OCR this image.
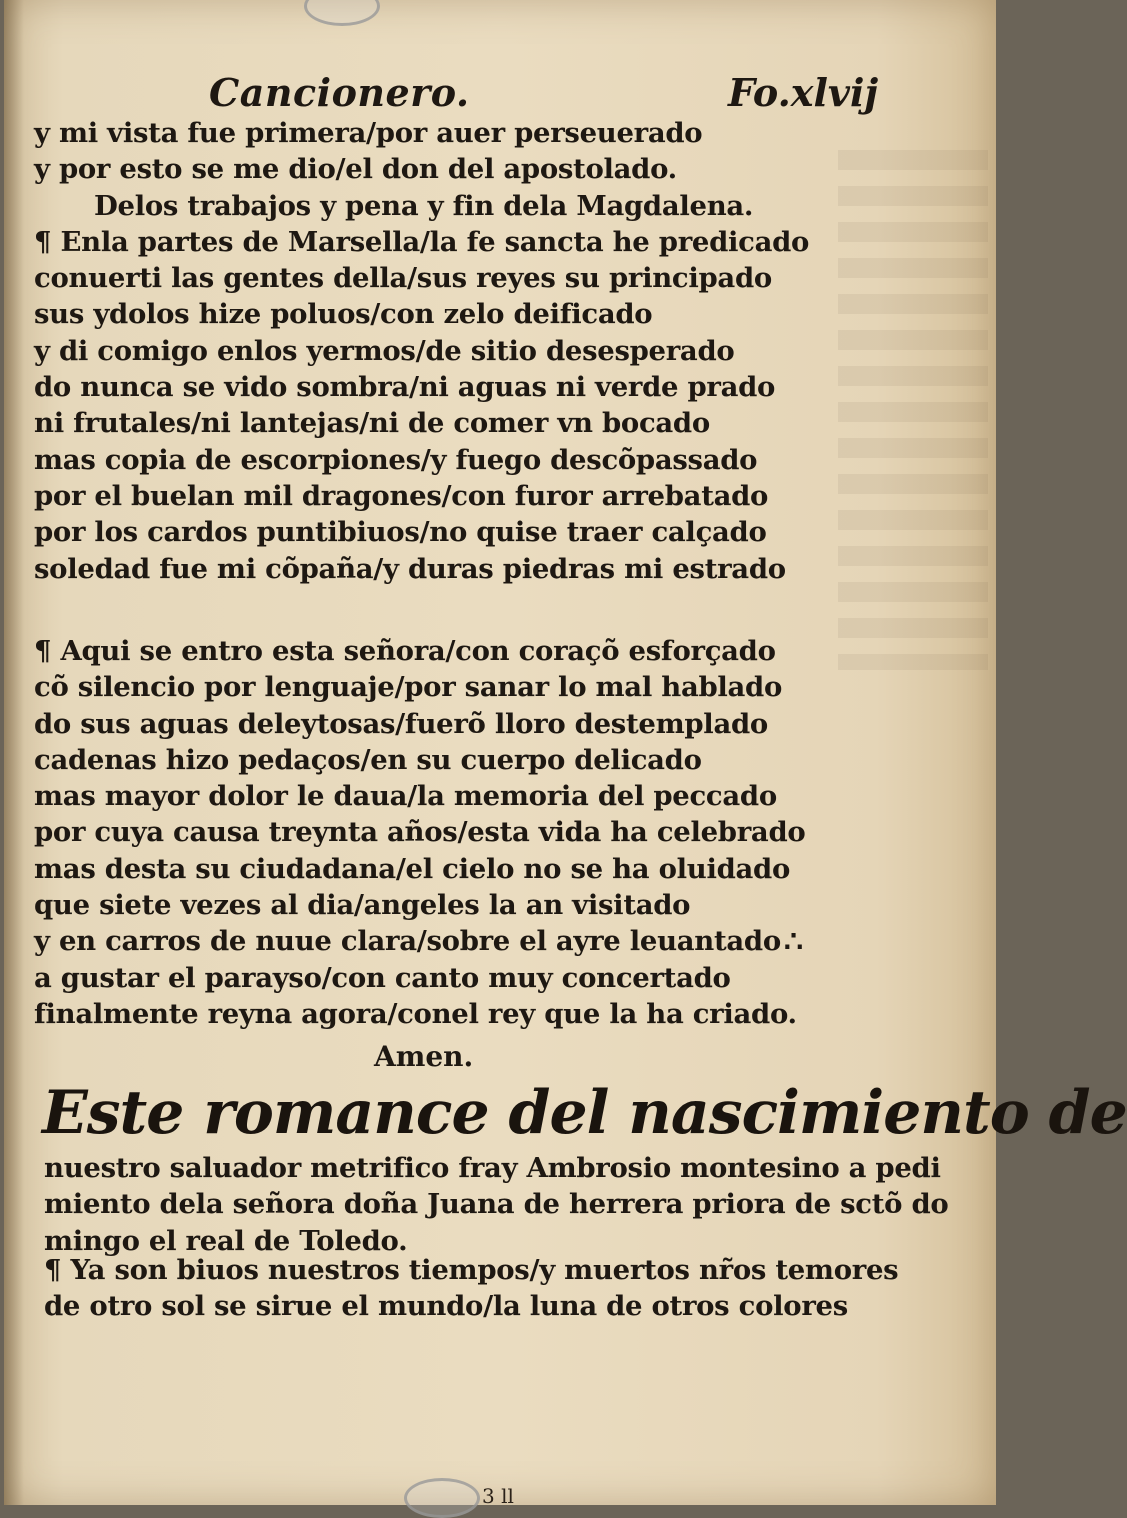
Cancionero.	Fo.xlvij
y mi vista fue primera/por auer perseuerado
y por esto se me dio/el don del apostolado.
Delos trabajos y pena y fin dela Magdalena.
¶ Enla partes de Marsella/la fe sancta he predicado
conuerti las gentes della/sus reyes su principado
sus ydolos hize poluos/con zelo deificado
y di comigo enlos yermos/de sitio desesperado
do nunca se vido sombra/ni aguas ni verde prado
ni frutales/ni lantejas/ni de comer vn bocado
mas copia de escorpiones/y fuego descõpassado
por el buelan mil dragones/con furor arrebatado
por los cardos puntibiuos/no quise traer calçado
soledad fue mi cõpaña/y duras piedras mi estrado
¶ Aqui se entro esta señora/con coraçõ esforçado
cõ silencio por lenguaje/por sanar lo mal hablado
do sus aguas deleytosas/fuerõ lloro destemplado
cadenas hizo pedaços/en su cuerpo delicado
mas mayor dolor le daua/la memoria del peccado
por cuya causa treynta años/esta vida ha celebrado
mas desta su ciudadana/el cielo no se ha oluidado
que siete vezes al dia/angeles la an visitado
y en carros de nuue clara/sobre el ayre leuantado
a gustar el parayso/con canto muy concertado
finalmente reyna agora/conel rey que la ha criado.
∴
Amen.
Este romance del nascimiento de
nuestro saluador metrifico fray Ambrosio montesino a pedi
miento dela señora doña Juana de herrera priora de sctõ do
mingo el real de Toledo.
¶ Ya son biuos nuestros tiempos/y muertos nr̃os temores
de otro sol se sirue el mundo/la luna de otros colores
3 ll
